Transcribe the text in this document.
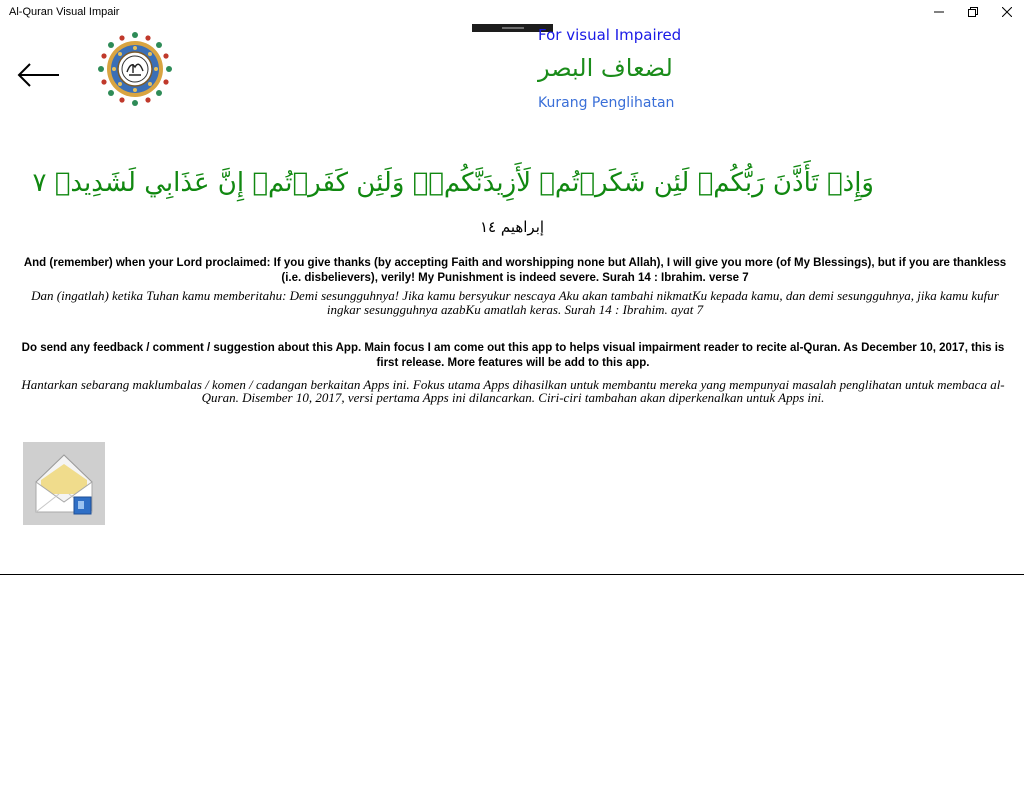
Al-Quran Visual Impair
For visual Impaired
لضعاف البصر
Kurang Penglihatan
وَإِذۡ تَأَذَّنَ رَبُّكُمۡ لَئِن شَكَرۡتُمۡ لَأَزِيدَنَّكُمۡۖ وَلَئِن كَفَرۡتُمۡ إِنَّ عَذَابِي لَشَدِيدٞ ٧
إبراهيم ١٤
And (remember) when your Lord proclaimed: If you give thanks (by accepting Faith and worshipping none but Allah), I will give you more (of My Blessings), but if you are thankless (i.e. disbelievers), verily! My Punishment is indeed severe. Surah 14 : Ibrahim. verse 7
Dan (ingatlah) ketika Tuhan kamu memberitahu: Demi sesungguhnya! Jika kamu bersyukur nescaya Aku akan tambahi nikmatKu kepada kamu, dan demi sesungguhnya, jika kamu kufur ingkar sesungguhnya azabKu amatlah keras. Surah 14 : Ibrahim. ayat 7
Do send any feedback / comment / suggestion about this App. Main focus I am come out this app to helps visual impairment reader to recite al-Quran. As December 10, 2017, this is first release. More features will be add to this app.
Hantarkan sebarang maklumbalas / komen / cadangan berkaitan Apps ini. Fokus utama Apps dihasilkan untuk membantu mereka yang mempunyai masalah penglihatan untuk membaca al-Quran. Disember 10, 2017, versi pertama Apps ini dilancarkan. Ciri-ciri tambahan akan diperkenalkan untuk Apps ini.
